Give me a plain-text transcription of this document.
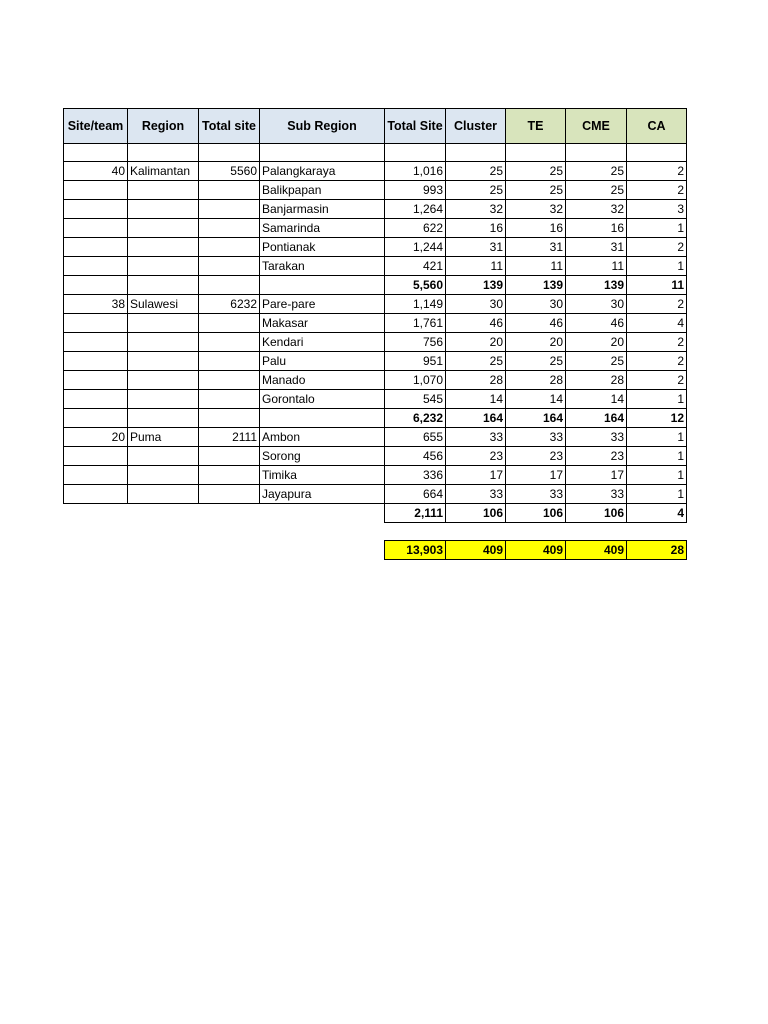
Site/team	Region	Total site	Sub Region	Total Site	Cluster	TE	CME	CA

40	Kalimantan	5560	Palangkaraya	1,016	25	25	25	2
			Balikpapan	993	25	25	25	2
			Banjarmasin	1,264	32	32	32	3
			Samarinda	622	16	16	16	1
			Pontianak	1,244	31	31	31	2
			Tarakan	421	11	11	11	1
				5,560	139	139	139	11
38	Sulawesi	6232	Pare-pare	1,149	30	30	30	2
			Makasar	1,761	46	46	46	4
			Kendari	756	20	20	20	2
			Palu	951	25	25	25	2
			Manado	1,070	28	28	28	2
			Gorontalo	545	14	14	14	1
				6,232	164	164	164	12
20	Puma	2111	Ambon	655	33	33	33	1
			Sorong	456	23	23	23	1
			Timika	336	17	17	17	1
			Jayapura	664	33	33	33	1
				2,111	106	106	106	4

				13,903	409	409	409	28
